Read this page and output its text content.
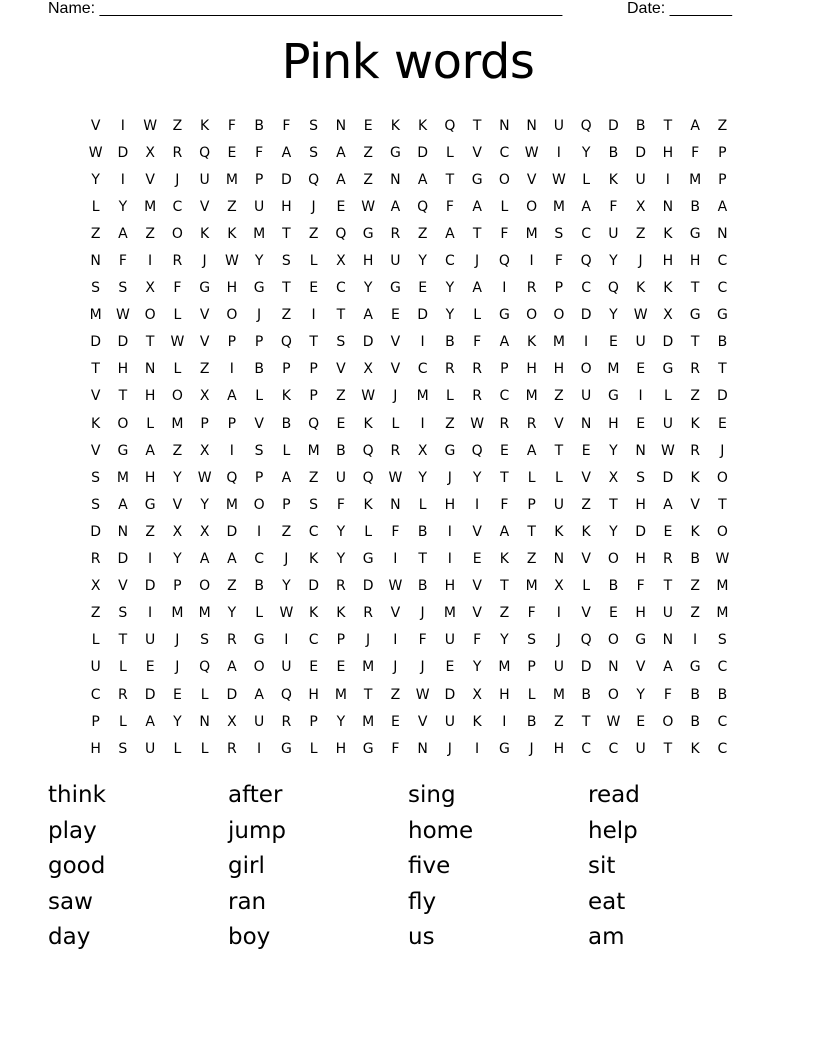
Name: ____________________________________________________	Date: _______
Pink words
V	I	W	Z	K	F	B	F	S	N	E	K	K	Q	T	N	N	U	Q	D	B	T	A	Z
W	D	X	R	Q	E	F	A	S	A	Z	G	D	L	V	C	W	I	Y	B	D	H	F	P
Y	I	V	J	U	M	P	D	Q	A	Z	N	A	T	G	O	V	W	L	K	U	I	M	P
L	Y	M	C	V	Z	U	H	J	E	W	A	Q	F	A	L	O	M	A	F	X	N	B	A
Z	A	Z	O	K	K	M	T	Z	Q	G	R	Z	A	T	F	M	S	C	U	Z	K	G	N
N	F	I	R	J	W	Y	S	L	X	H	U	Y	C	J	Q	I	F	Q	Y	J	H	H	C
S	S	X	F	G	H	G	T	E	C	Y	G	E	Y	A	I	R	P	C	Q	K	K	T	C
M	W	O	L	V	O	J	Z	I	T	A	E	D	Y	L	G	O	O	D	Y	W	X	G	G
D	D	T	W	V	P	P	Q	T	S	D	V	I	B	F	A	K	M	I	E	U	D	T	B
T	H	N	L	Z	I	B	P	P	V	X	V	C	R	R	P	H	H	O	M	E	G	R	T
V	T	H	O	X	A	L	K	P	Z	W	J	M	L	R	C	M	Z	U	G	I	L	Z	D
K	O	L	M	P	P	V	B	Q	E	K	L	I	Z	W	R	R	V	N	H	E	U	K	E
V	G	A	Z	X	I	S	L	M	B	Q	R	X	G	Q	E	A	T	E	Y	N	W	R	J
S	M	H	Y	W	Q	P	A	Z	U	Q	W	Y	J	Y	T	L	L	V	X	S	D	K	O
S	A	G	V	Y	M	O	P	S	F	K	N	L	H	I	F	P	U	Z	T	H	A	V	T
D	N	Z	X	X	D	I	Z	C	Y	L	F	B	I	V	A	T	K	K	Y	D	E	K	O
R	D	I	Y	A	A	C	J	K	Y	G	I	T	I	E	K	Z	N	V	O	H	R	B	W
X	V	D	P	O	Z	B	Y	D	R	D	W	B	H	V	T	M	X	L	B	F	T	Z	M
Z	S	I	M	M	Y	L	W	K	K	R	V	J	M	V	Z	F	I	V	E	H	U	Z	M
L	T	U	J	S	R	G	I	C	P	J	I	F	U	F	Y	S	J	Q	O	G	N	I	S
U	L	E	J	Q	A	O	U	E	E	M	J	J	E	Y	M	P	U	D	N	V	A	G	C
C	R	D	E	L	D	A	Q	H	M	T	Z	W	D	X	H	L	M	B	O	Y	F	B	B
P	L	A	Y	N	X	U	R	P	Y	M	E	V	U	K	I	B	Z	T	W	E	O	B	C
H	S	U	L	L	R	I	G	L	H	G	F	N	J	I	G	J	H	C	C	U	T	K	C
think	after	sing	read
play	jump	home	help
good	girl	five	sit
saw	ran	fly	eat
day	boy	us	am
